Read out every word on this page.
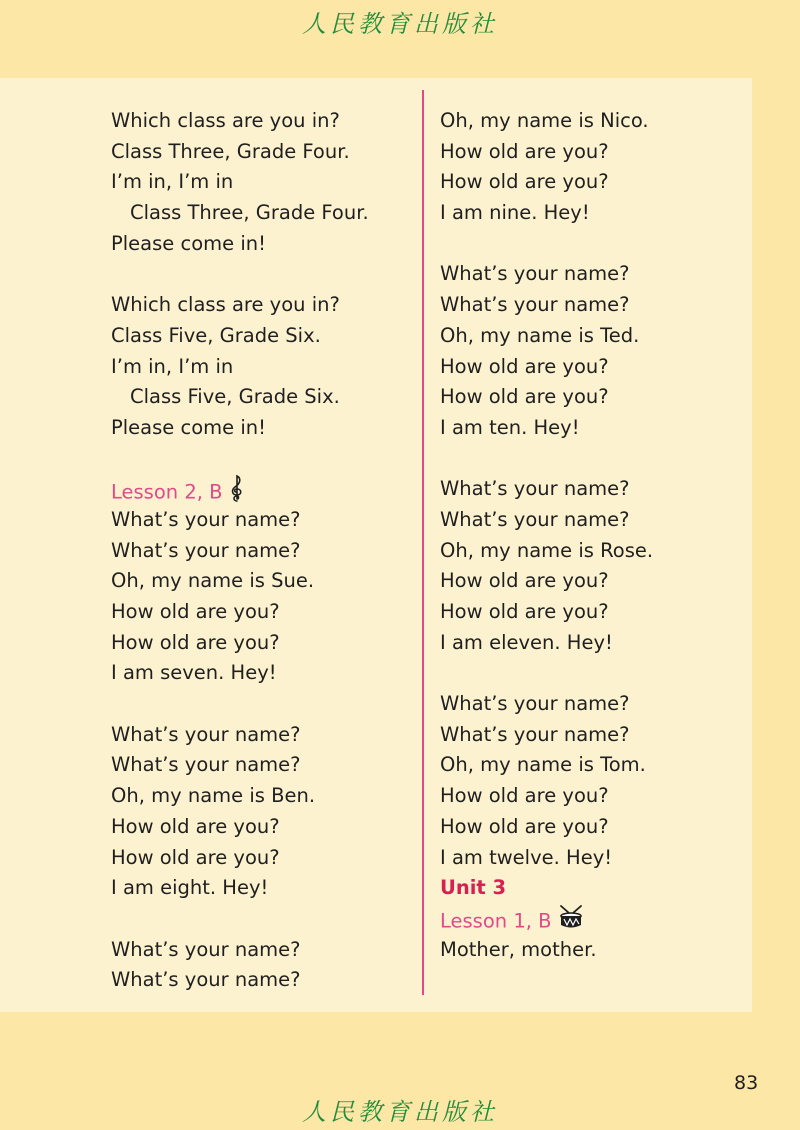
人民教育出版社
Which class are you in?
Class Three, Grade Four.
I’m in, I’m in
Class Three, Grade Four.
Please come in!
Which class are you in?
Class Five, Grade Six.
I’m in, I’m in
Class Five, Grade Six.
Please come in!
Lesson 2, B
What’s your name?
What’s your name?
Oh, my name is Sue.
How old are you?
How old are you?
I am seven. Hey!
What’s your name?
What’s your name?
Oh, my name is Ben.
How old are you?
How old are you?
I am eight. Hey!
What’s your name?
What’s your name?
Oh, my name is Nico.
How old are you?
How old are you?
I am nine. Hey!
What’s your name?
What’s your name?
Oh, my name is Ted.
How old are you?
How old are you?
I am ten. Hey!
What’s your name?
What’s your name?
Oh, my name is Rose.
How old are you?
How old are you?
I am eleven. Hey!
What’s your name?
What’s your name?
Oh, my name is Tom.
How old are you?
How old are you?
I am twelve. Hey!
Unit 3
Lesson 1, B
Mother, mother.
83
人民教育出版社
